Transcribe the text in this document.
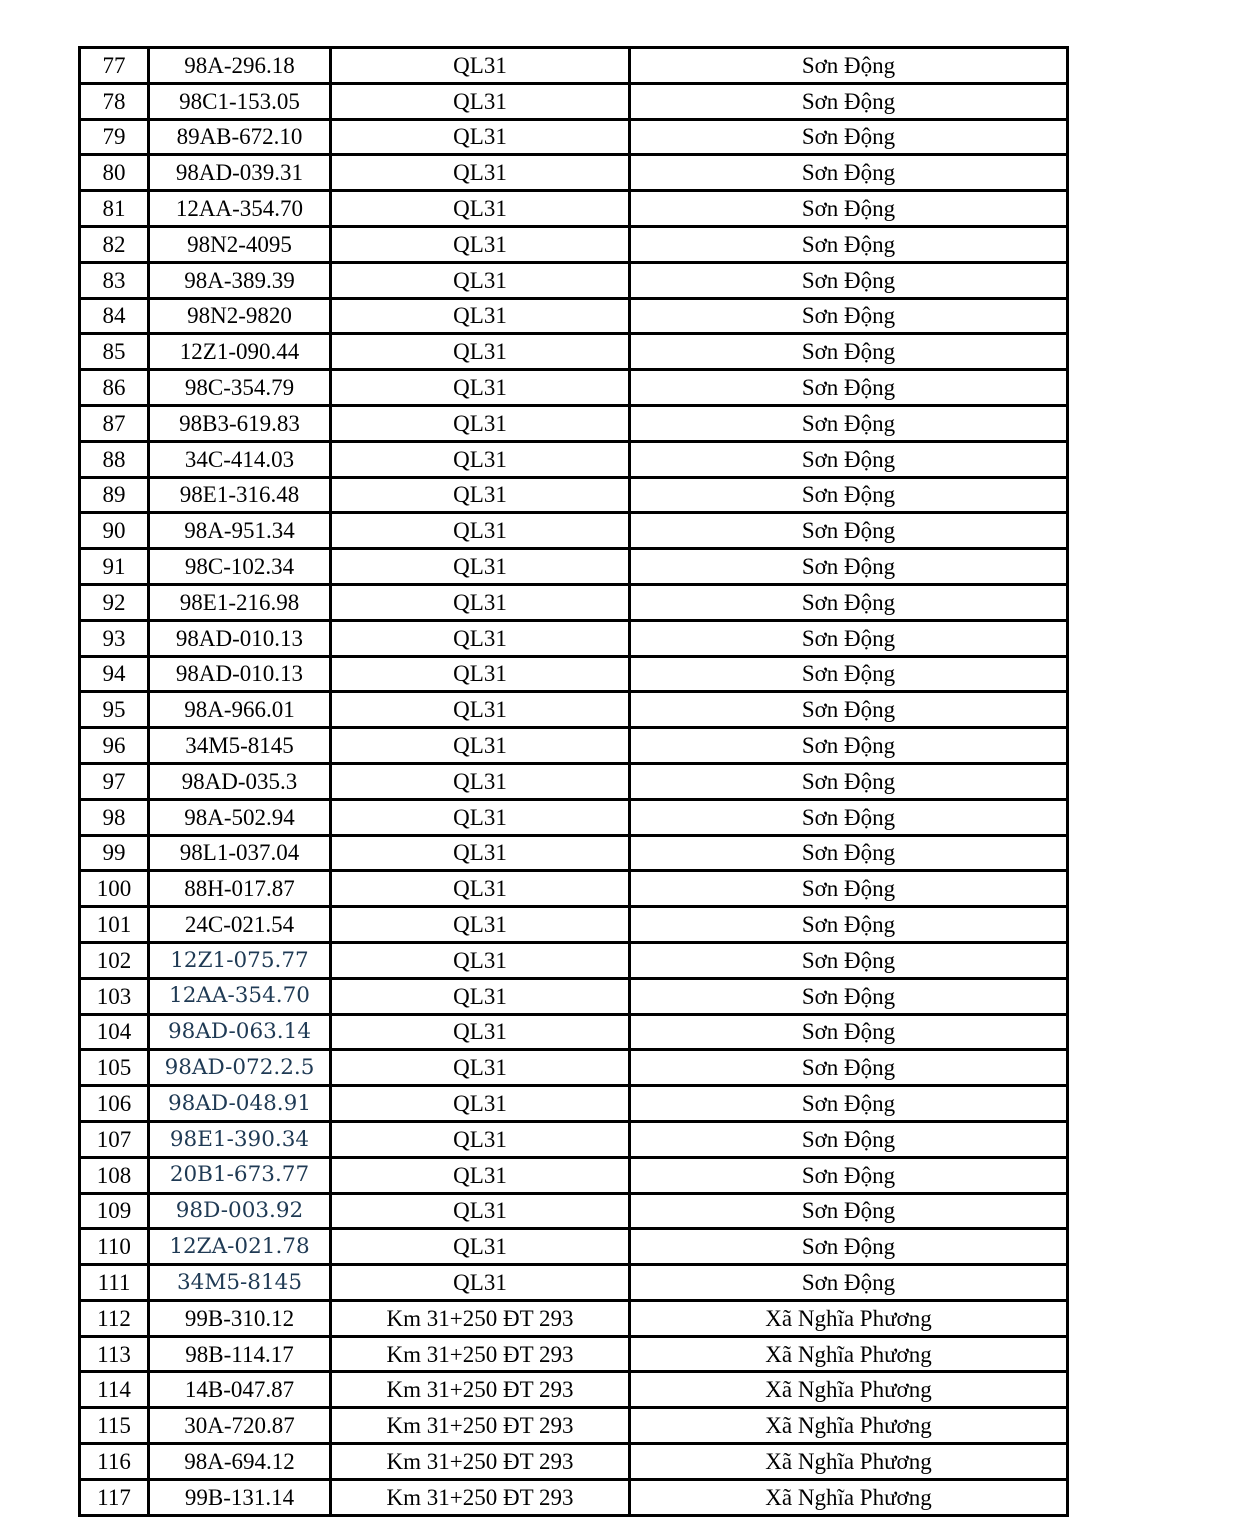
77	98A-296.18	QL31	Sơn Động
78	98C1-153.05	QL31	Sơn Động
79	89AB-672.10	QL31	Sơn Động
80	98AD-039.31	QL31	Sơn Động
81	12AA-354.70	QL31	Sơn Động
82	98N2-4095	QL31	Sơn Động
83	98A-389.39	QL31	Sơn Động
84	98N2-9820	QL31	Sơn Động
85	12Z1-090.44	QL31	Sơn Động
86	98C-354.79	QL31	Sơn Động
87	98B3-619.83	QL31	Sơn Động
88	34C-414.03	QL31	Sơn Động
89	98E1-316.48	QL31	Sơn Động
90	98A-951.34	QL31	Sơn Động
91	98C-102.34	QL31	Sơn Động
92	98E1-216.98	QL31	Sơn Động
93	98AD-010.13	QL31	Sơn Động
94	98AD-010.13	QL31	Sơn Động
95	98A-966.01	QL31	Sơn Động
96	34M5-8145	QL31	Sơn Động
97	98AD-035.3	QL31	Sơn Động
98	98A-502.94	QL31	Sơn Động
99	98L1-037.04	QL31	Sơn Động
100	88H-017.87	QL31	Sơn Động
101	24C-021.54	QL31	Sơn Động
102	12Z1-075.77	QL31	Sơn Động
103	12AA-354.70	QL31	Sơn Động
104	98AD-063.14	QL31	Sơn Động
105	98AD-072.2.5	QL31	Sơn Động
106	98AD-048.91	QL31	Sơn Động
107	98E1-390.34	QL31	Sơn Động
108	20B1-673.77	QL31	Sơn Động
109	98D-003.92	QL31	Sơn Động
110	12ZA-021.78	QL31	Sơn Động
111	34M5-8145	QL31	Sơn Động
112	99B-310.12	Km 31+250 ĐT 293	Xã Nghĩa Phương
113	98B-114.17	Km 31+250 ĐT 293	Xã Nghĩa Phương
114	14B-047.87	Km 31+250 ĐT 293	Xã Nghĩa Phương
115	30A-720.87	Km 31+250 ĐT 293	Xã Nghĩa Phương
116	98A-694.12	Km 31+250 ĐT 293	Xã Nghĩa Phương
117	99B-131.14	Km 31+250 ĐT 293	Xã Nghĩa Phương
